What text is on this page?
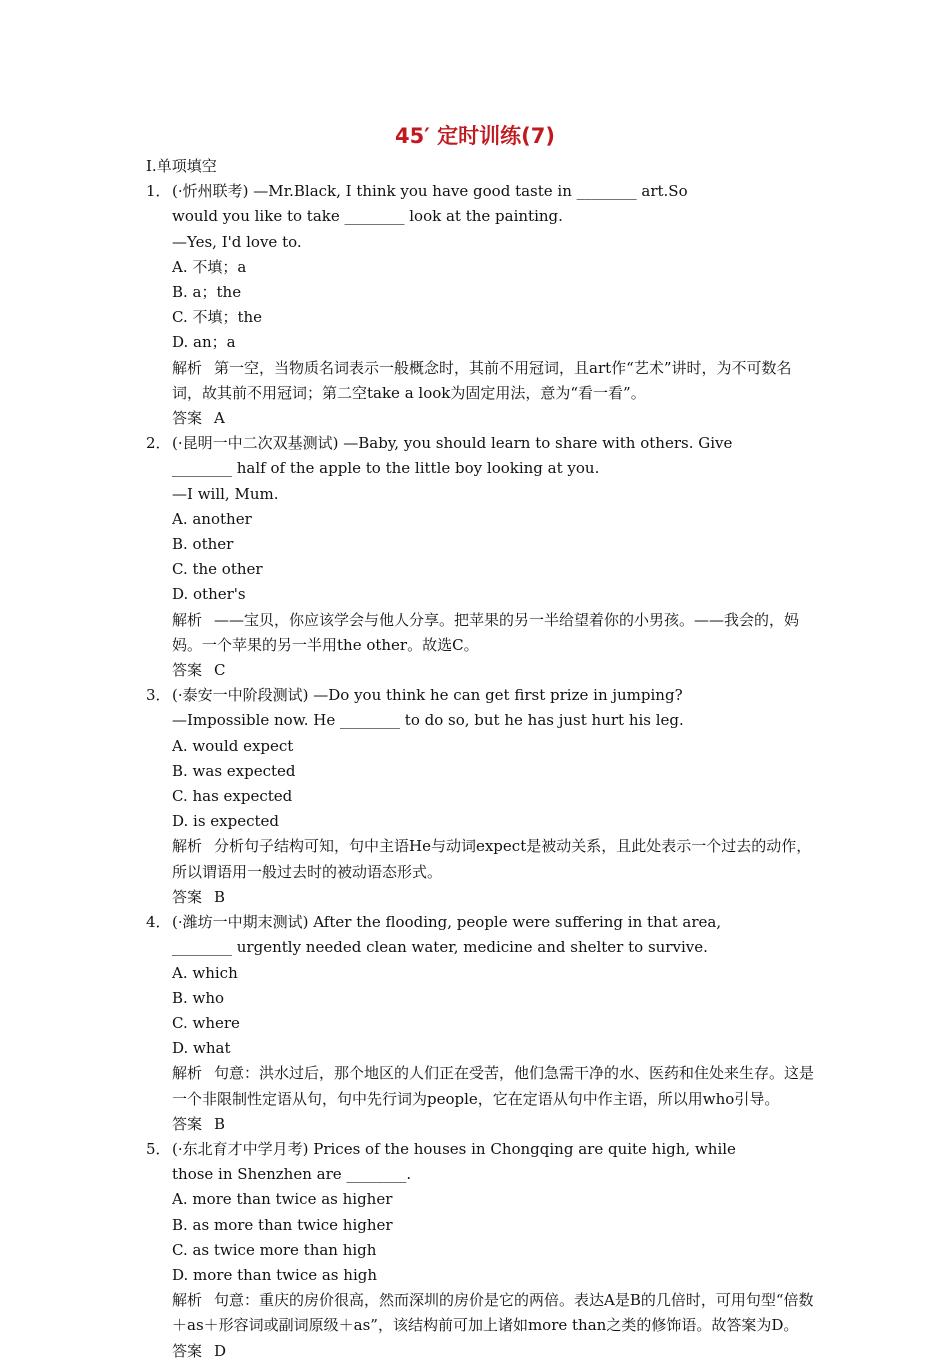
45′ 定时训练(7)
Ⅰ.单项填空
1． (·忻州联考) —Mr.Black, I think you have good taste in ________ art.So
would you like to take ________ look at the painting.
—Yes, I'd love to.
A. 不填；a
B. a；the
C. 不填；the
D. an；a
解析 第一空，当物质名词表示一般概念时，其前不用冠词，且art作“艺术”讲时，为不可数名词，故其前不用冠词；第二空take a look为固定用法，意为“看一看”。
答案 A
2． (·昆明一中二次双基测试) —Baby, you should learn to share with others. Give
________ half of the apple to the little boy looking at you.
—I will, Mum.
A. another
B. other
C. the other
D. other's
解析 ——宝贝，你应该学会与他人分享。把苹果的另一半给望着你的小男孩。——我会的，妈妈。一个苹果的另一半用the other。故选C。
答案 C
3． (·泰安一中阶段测试) —Do you think he can get first prize in jumping?
—Impossible now. He ________ to do so, but he has just hurt his leg.
A. would expect
B. was expected
C. has expected
D. is expected
解析 分析句子结构可知，句中主语He与动词expect是被动关系，且此处表示一个过去的动作，所以谓语用一般过去时的被动语态形式。
答案 B
4． (·潍坊一中期末测试) After the flooding, people were suffering in that area,
________ urgently needed clean water, medicine and shelter to survive.
A. which
B. who
C. where
D. what
解析 句意：洪水过后，那个地区的人们正在受苦，他们急需干净的水、医药和住处来生存。这是一个非限制性定语从句，句中先行词为people，它在定语从句中作主语，所以用who引导。
答案 B
5． (·东北育才中学月考) Prices of the houses in Chongqing are quite high, while
those in Shenzhen are ________.
A. more than twice as higher
B. as more than twice higher
C. as twice more than high
D. more than twice as high
解析 句意：重庆的房价很高，然而深圳的房价是它的两倍。表达A是B的几倍时，可用句型“倍数＋as＋形容词或副词原级＋as”，该结构前可加上诸如more than之类的修饰语。故答案为D。
答案 D
